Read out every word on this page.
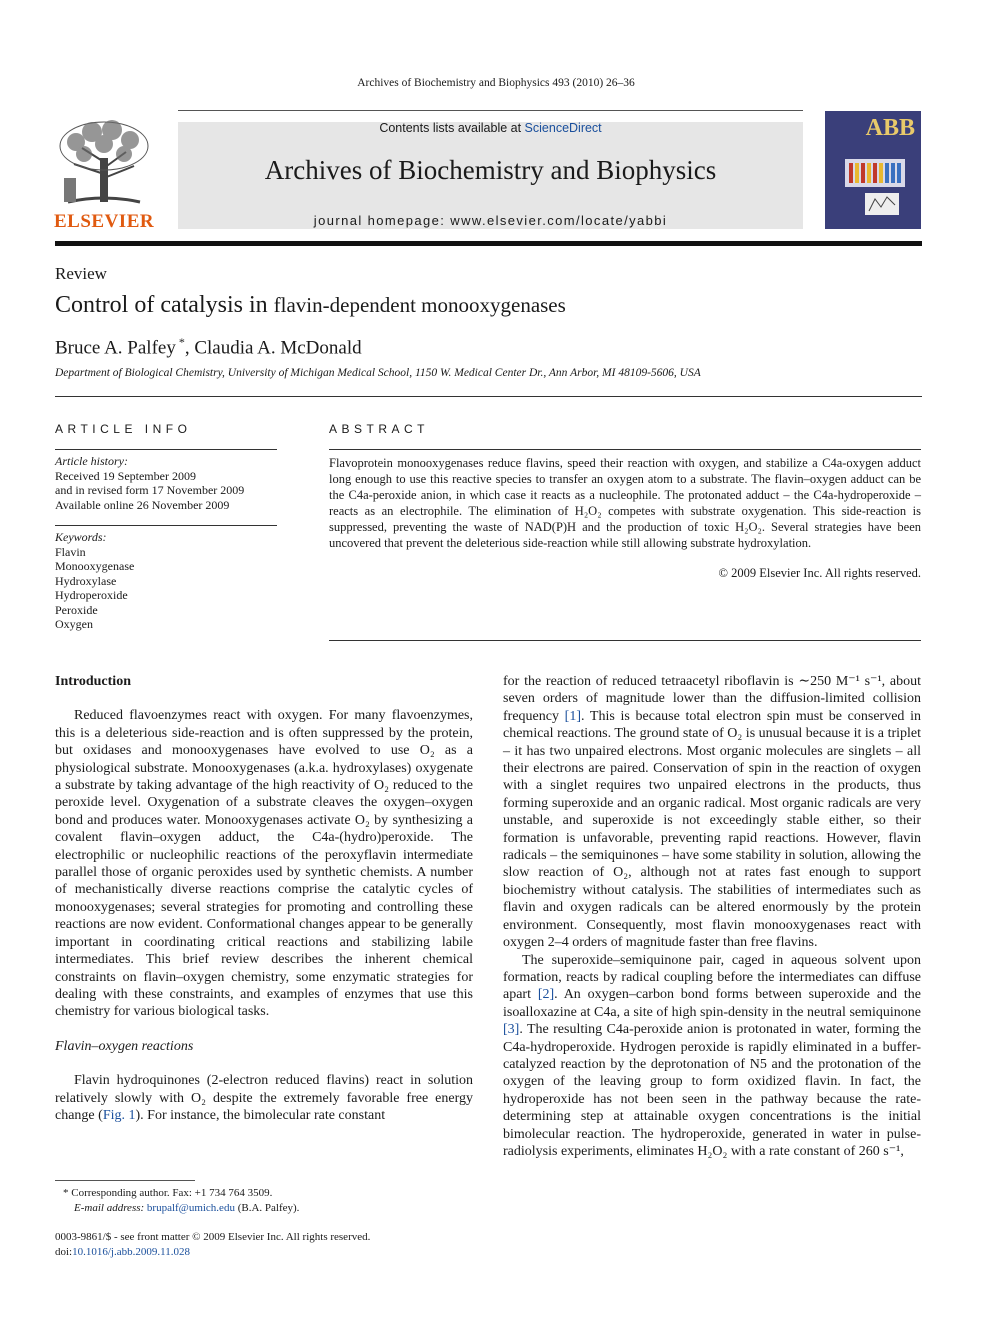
Archives of Biochemistry and Biophysics 493 (2010) 26–36
ELSEVIER
Contents lists available at ScienceDirect
Archives of Biochemistry and Biophysics
journal homepage: www.elsevier.com/locate/yabbi
ABB
Review
Control of catalysis in flavin-dependent monooxygenases
Bruce A. Palfey *, Claudia A. McDonald
Department of Biological Chemistry, University of Michigan Medical School, 1150 W. Medical Center Dr., Ann Arbor, MI 48109-5606, USA
ARTICLE INFO
Article history:
Received 19 September 2009
and in revised form 17 November 2009
Available online 26 November 2009
Keywords:
Flavin
Monooxygenase
Hydroxylase
Hydroperoxide
Peroxide
Oxygen
ABSTRACT
Flavoprotein monooxygenases reduce flavins, speed their reaction with oxygen, and stabilize a C4a-oxygen adduct long enough to use this reactive species to transfer an oxygen atom to a substrate. The flavin–oxygen adduct can be the C4a-peroxide anion, in which case it reacts as a nucleophile. The protonated adduct – the C4a-hydroperoxide – reacts as an electrophile. The elimination of H₂O₂ competes with substrate oxygenation. This side-reaction is suppressed, preventing the waste of NAD(P)H and the production of toxic H₂O₂. Several strategies have been uncovered that prevent the deleterious side-reaction while still allowing substrate hydroxylation.
© 2009 Elsevier Inc. All rights reserved.
Introduction

Reduced flavoenzymes react with oxygen. For many flavoenzymes, this is a deleterious side-reaction and is often suppressed by the protein, but oxidases and monooxygenases have evolved to use O₂ as a physiological substrate. Monooxygenases (a.k.a. hydroxylases) oxygenate a substrate by taking advantage of the high reactivity of O₂ reduced to the peroxide level. Oxygenation of a substrate cleaves the oxygen–oxygen bond and produces water. Monooxygenases activate O₂ by synthesizing a covalent flavin–oxygen adduct, the C4a-(hydro)peroxide. The electrophilic or nucleophilic reactions of the peroxyflavin intermediate parallel those of organic peroxides used by synthetic chemists. A number of mechanistically diverse reactions comprise the catalytic cycles of monooxygenases; several strategies for promoting and controlling these reactions are now evident. Conformational changes appear to be generally important in coordinating critical reactions and stabilizing labile intermediates. This brief review describes the inherent chemical constraints on flavin–oxygen chemistry, some enzymatic strategies for dealing with these constraints, and examples of enzymes that use this chemistry for various biological tasks.

Flavin–oxygen reactions

Flavin hydroquinones (2-electron reduced flavins) react in solution relatively slowly with O₂ despite the extremely favorable free energy change (Fig. 1). For instance, the bimolecular rate constant

for the reaction of reduced tetraacetyl riboflavin is ∼250 M⁻¹ s⁻¹, about seven orders of magnitude lower than the diffusion-limited collision frequency [1]. This is because total electron spin must be conserved in chemical reactions. The ground state of O₂ is unusual because it is a triplet – it has two unpaired electrons. Most organic molecules are singlets – all their electrons are paired. Conservation of spin in the reaction of oxygen with a singlet requires two unpaired electrons in the products, thus forming superoxide and an organic radical. Most organic radicals are very unstable, and superoxide is not exceedingly stable either, so their formation is unfavorable, preventing rapid reactions. However, flavin radicals – the semiquinones – have some stability in solution, allowing the slow reaction of O₂, although not at rates fast enough to support biochemistry without catalysis. The stabilities of intermediates such as flavin and oxygen radicals can be altered enormously by the protein environment. Consequently, most flavin monooxygenases react with oxygen 2–4 orders of magnitude faster than free flavins.

The superoxide–semiquinone pair, caged in aqueous solvent upon formation, reacts by radical coupling before the intermediates can diffuse apart [2]. An oxygen–carbon bond forms between superoxide and the isoalloxazine at C4a, a site of high spin-density in the neutral semiquinone [3]. The resulting C4a-peroxide anion is protonated in water, forming the C4a-hydroperoxide. Hydrogen peroxide is rapidly eliminated in a buffer-catalyzed reaction by the deprotonation of N5 and the protonation of the oxygen of the leaving group to form oxidized flavin. In fact, the hydroperoxide has not been seen in the pathway because the rate-determining step at attainable oxygen concentrations is the initial bimolecular reaction. The hydroperoxide, generated in water in pulse-radiolysis experiments, eliminates H₂O₂ with a rate constant of 260 s⁻¹,

* Corresponding author. Fax: +1 734 764 3509.
E-mail address: brupalf@umich.edu (B.A. Palfey).
0003-9861/$ - see front matter © 2009 Elsevier Inc. All rights reserved.
doi:10.1016/j.abb.2009.11.028
